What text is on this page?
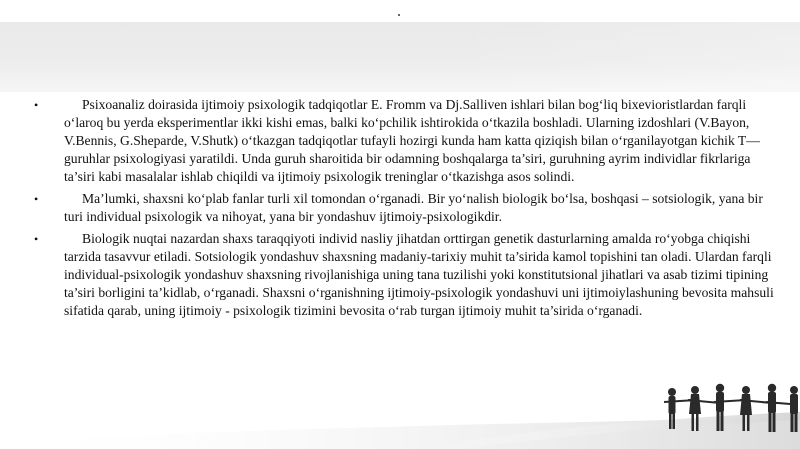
•	Psixoanaliz doirasida ijtimoiy psixologik tadqiqotlar E. Fromm va Dj.Salliven ishlari bilan bog‘liq bixevioristlardan farqli o‘laroq bu yerda eksperimentlar ikki kishi emas, balki ko‘pchilik ishtirokida o‘tkazila boshladi. Ularning izdoshlari (V.Bayon, V.Bennis, G.Sheparde, V.Shutk) o‘tkazgan tadqiqotlar tufayli hozirgi kunda ham katta qiziqish bilan o‘rganilayotgan kichik T—guruhlar psixologiyasi yaratildi. Unda guruh sharoitida bir odamning boshqalarga ta’siri, guruhning ayrim individlar fikrlariga ta’siri kabi masalalar ishlab chiqildi va ijtimoiy psixologik treninglar o‘tkazishga asos solindi.
•	Ma’lumki, shaxsni ko‘plab fanlar turli xil tomondan o‘rganadi. Bir yo‘nalish biologik bo‘lsa, boshqasi – sotsiologik, yana bir turi individual psixologik va nihoyat, yana bir yondashuv ijtimoiy-psixologikdir.
•	Biologik nuqtai nazardan shaxs taraqqiyoti individ nasliy jihatdan orttirgan genetik dasturlarning amalda ro‘yobga chiqishi tarzida tasavvur etiladi. Sotsiologik yondashuv shaxsning madaniy-tarixiy muhit ta’sirida kamol topishini tan oladi. Ulardan farqli individual-psixologik yondashuv shaxsning rivojlanishiga uning tana tuzilishi yoki konstitutsional jihatlari va asab tizimi tipining ta’siri borligini ta’kidlab, o‘rganadi. Shaxsni o‘rganishning ijtimoiy-psixologik yondashuvi uni ijtimoiylashuning bevosita mahsuli sifatida qarab, uning ijtimoiy - psixologik tizimini bevosita o‘rab turgan ijtimoiy muhit ta’sirida o‘rganadi.
